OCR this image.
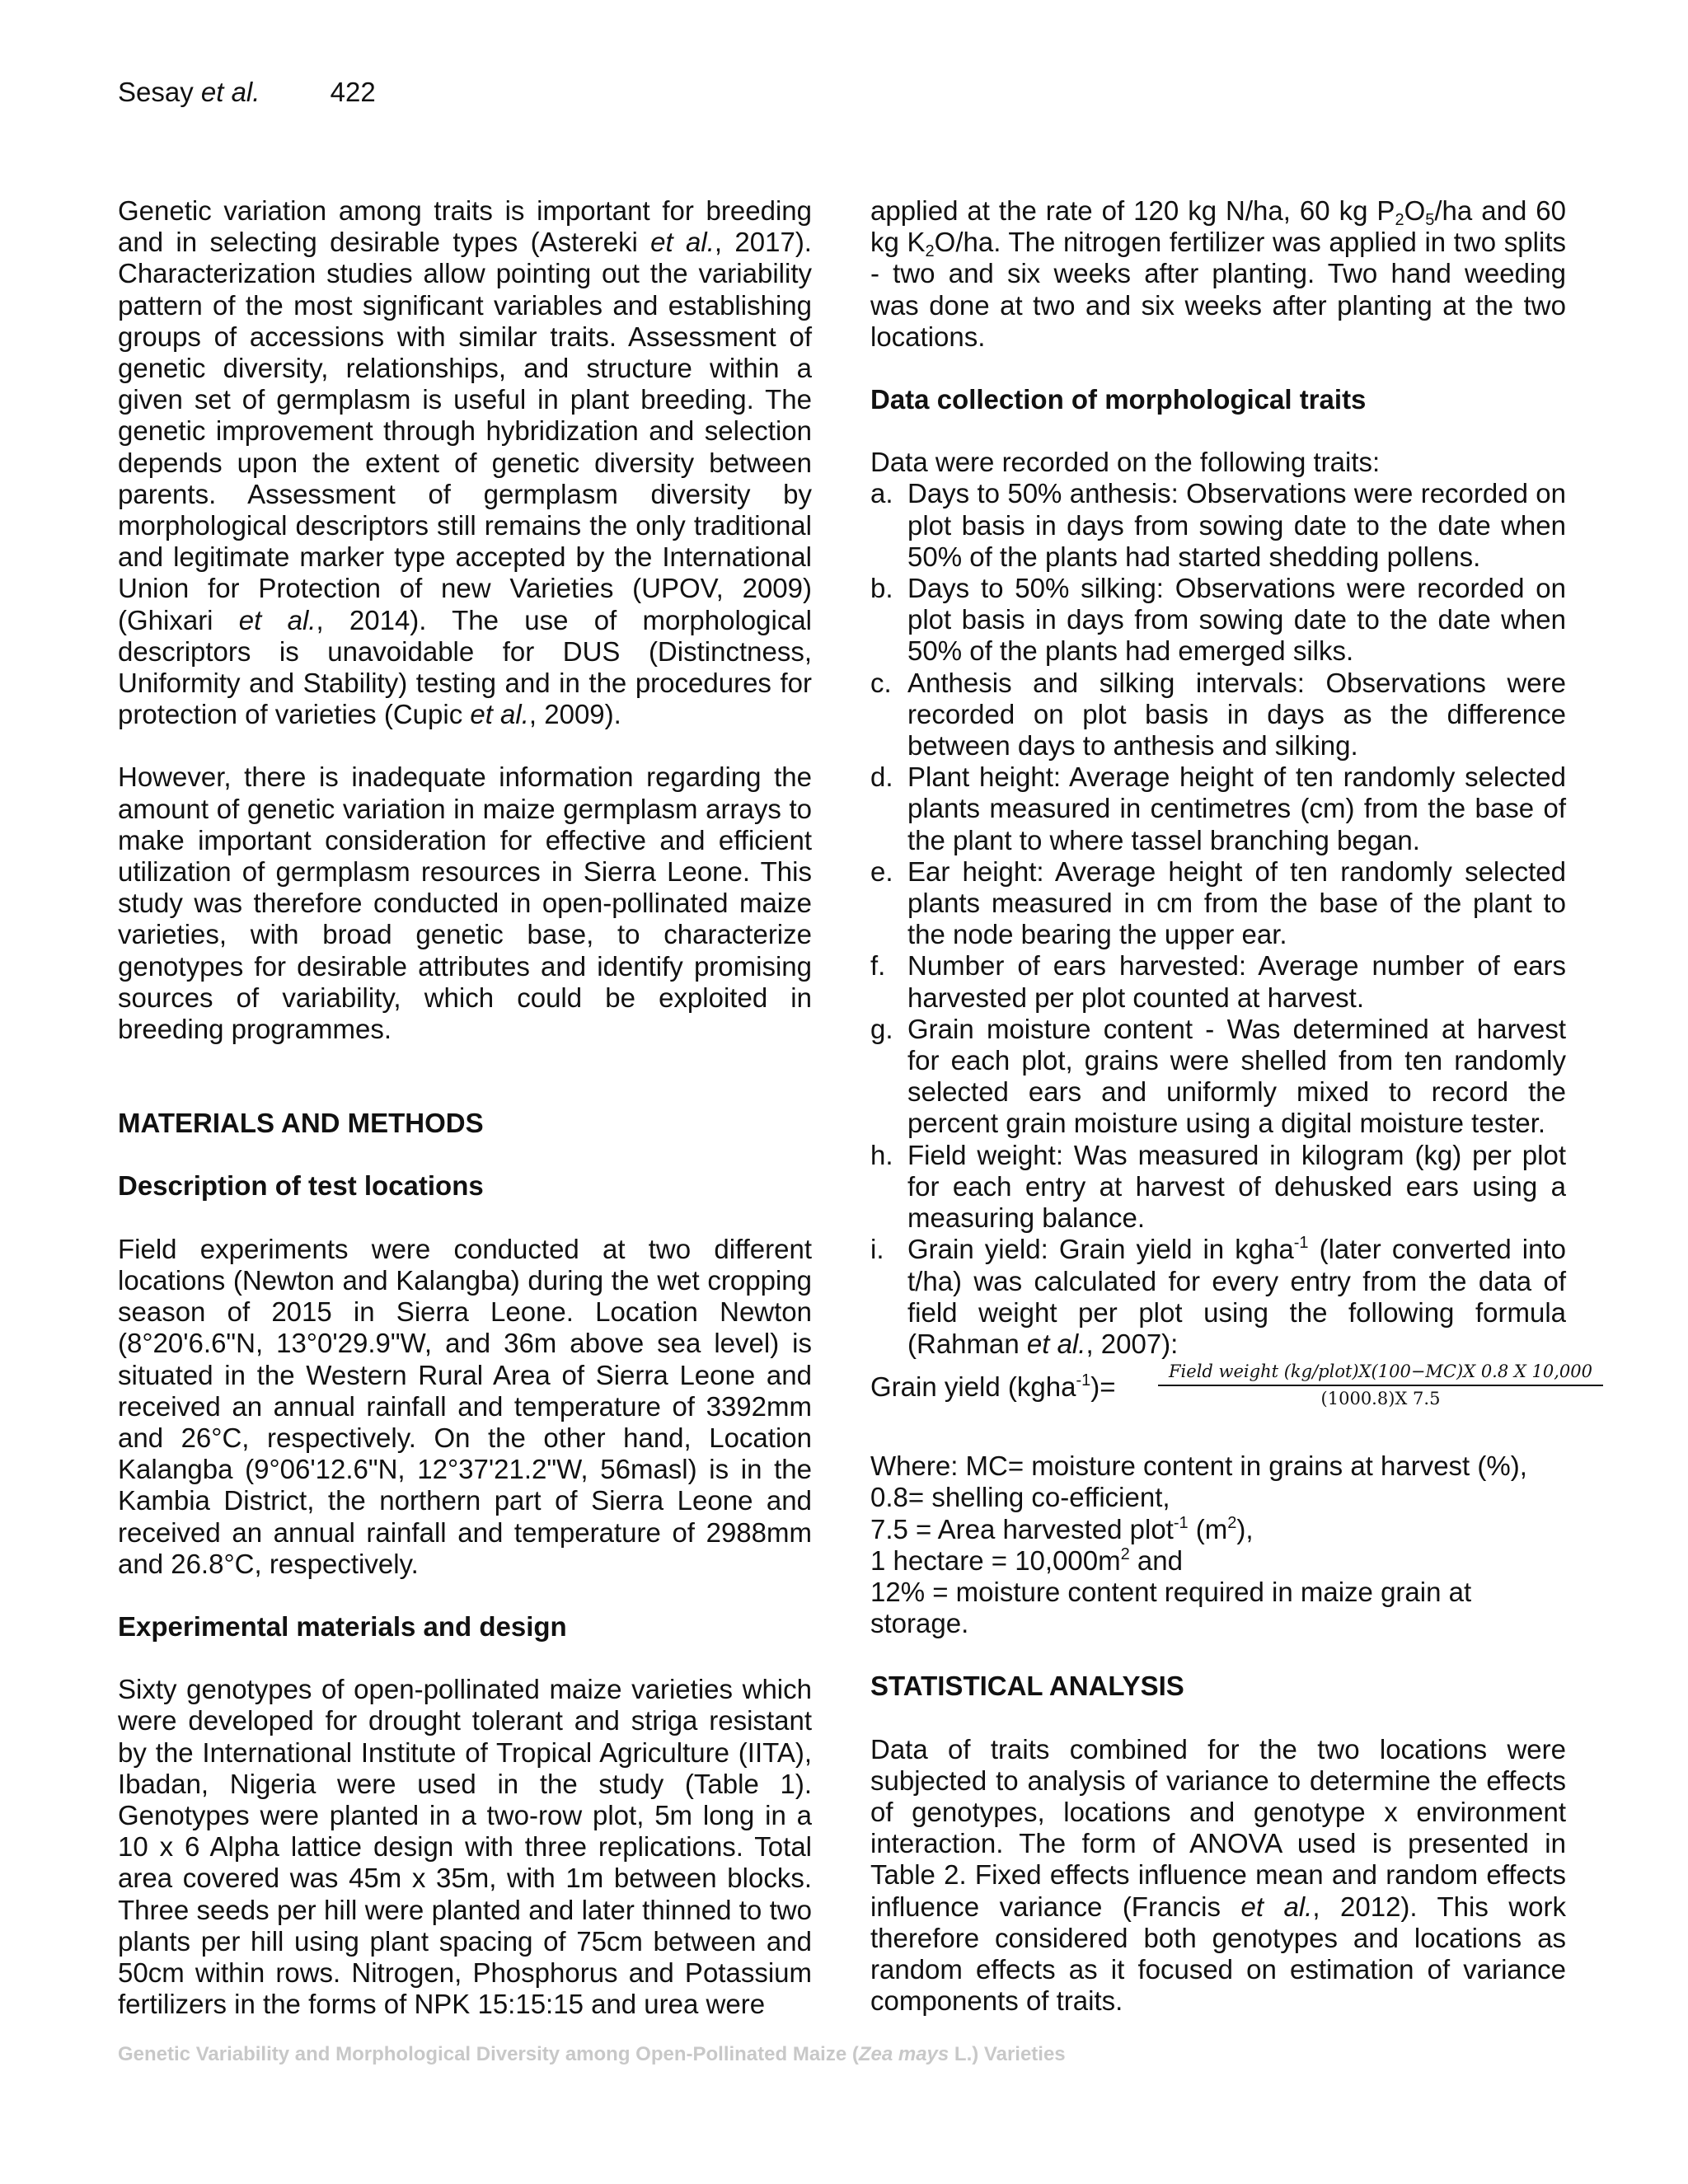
Sesay et al.	422

Genetic variation among traits is important for breeding and in selecting desirable types (Astereki et al., 2017). Characterization studies allow pointing out the variability pattern of the most significant variables and establishing groups of accessions with similar traits. Assessment of genetic diversity, relationships, and structure within a given set of germplasm is useful in plant breeding. The genetic improvement through hybridization and selection depends upon the extent of genetic diversity between parents. Assessment of germplasm diversity by morphological descriptors still remains the only traditional and legitimate marker type accepted by the International Union for Protection of new Varieties (UPOV, 2009) (Ghixari et al., 2014). The use of morphological descriptors is unavoidable for DUS (Distinctness, Uniformity and Stability) testing and in the procedures for protection of varieties (Cupic et al., 2009).

However, there is inadequate information regarding the amount of genetic variation in maize germplasm arrays to make important consideration for effective and efficient utilization of germplasm resources in Sierra Leone. This study was therefore conducted in open-pollinated maize varieties, with broad genetic base, to characterize genotypes for desirable attributes and identify promising sources of variability, which could be exploited in breeding programmes.

MATERIALS AND METHODS

Description of test locations

Field experiments were conducted at two different locations (Newton and Kalangba) during the wet cropping season of 2015 in Sierra Leone. Location Newton (8°20'6.6"N, 13°0'29.9"W, and 36m above sea level) is situated in the Western Rural Area of Sierra Leone and received an annual rainfall and temperature of 3392mm and 26°C, respectively. On the other hand, Location Kalangba (9°06'12.6"N, 12°37'21.2"W, 56masl) is in the Kambia District, the northern part of Sierra Leone and received an annual rainfall and temperature of 2988mm and 26.8°C, respectively.

Experimental materials and design

Sixty genotypes of open-pollinated maize varieties which were developed for drought tolerant and striga resistant by the International Institute of Tropical Agriculture (IITA), Ibadan, Nigeria were used in the study (Table 1). Genotypes were planted in a two-row plot, 5m long in a 10 x 6 Alpha lattice design with three replications. Total area covered was 45m x 35m, with 1m between blocks. Three seeds per hill were planted and later thinned to two plants per hill using plant spacing of 75cm between and 50cm within rows. Nitrogen, Phosphorus and Potassium fertilizers in the forms of NPK 15:15:15 and urea were

applied at the rate of 120 kg N/ha, 60 kg $P_2O_5/ha$ and 60 kg $K_2O/ha$. The nitrogen fertilizer was applied in two splits - two and six weeks after planting. Two hand weeding was done at two and six weeks after planting at the two locations.

Data collection of morphological traits

Data were recorded on the following traits:

a. Days to 50% anthesis: Observations were recorded on plot basis in days from sowing date to the date when 50% of the plants had started shedding pollens.
b. Days to 50% silking: Observations were recorded on plot basis in days from sowing date to the date when 50% of the plants had emerged silks.
c. Anthesis and silking intervals: Observations were recorded on plot basis in days as the difference between days to anthesis and silking.
d. Plant height: Average height of ten randomly selected plants measured in centimetres (cm) from the base of the plant to where tassel branching began.
e. Ear height: Average height of ten randomly selected plants measured in cm from the base of the plant to the node bearing the upper ear.
f. Number of ears harvested: Average number of ears harvested per plot counted at harvest.
g. Grain moisture content - Was determined at harvest for each plot, grains were shelled from ten randomly selected ears and uniformly mixed to record the percent grain moisture using a digital moisture tester.
h. Field weight: Was measured in kilogram (kg) per plot for each entry at harvest of dehusked ears using a measuring balance.
i. Grain yield: Grain yield in kgha$^{-1}$ (later converted into t/ha) was calculated for every entry from the data of field weight per plot using the following formula (Rahman et al., 2007):
Grain yield (kgha$^{-1}$)=	Field weight (kg/plot)X(100−MC)X 0.8 X 10,000
(1000.8)X 7.5

Where: MC= moisture content in grains at harvest (%),

0.8= shelling co-efficient,

7.5 = Area harvested plot$^{-1}$ $(m^2)$,

1 hectare = $10,000m^2$ and

12% = moisture content required in maize grain at storage.

STATISTICAL ANALYSIS

Data of traits combined for the two locations were subjected to analysis of variance to determine the effects of genotypes, locations and genotype x environment interaction. The form of ANOVA used is presented in Table 2. Fixed effects influence mean and random effects influence variance (Francis et al., 2012). This work therefore considered both genotypes and locations as random effects as it focused on estimation of variance components of traits.

Genetic Variability and Morphological Diversity among Open-Pollinated Maize (Zea mays L.) Varieties
